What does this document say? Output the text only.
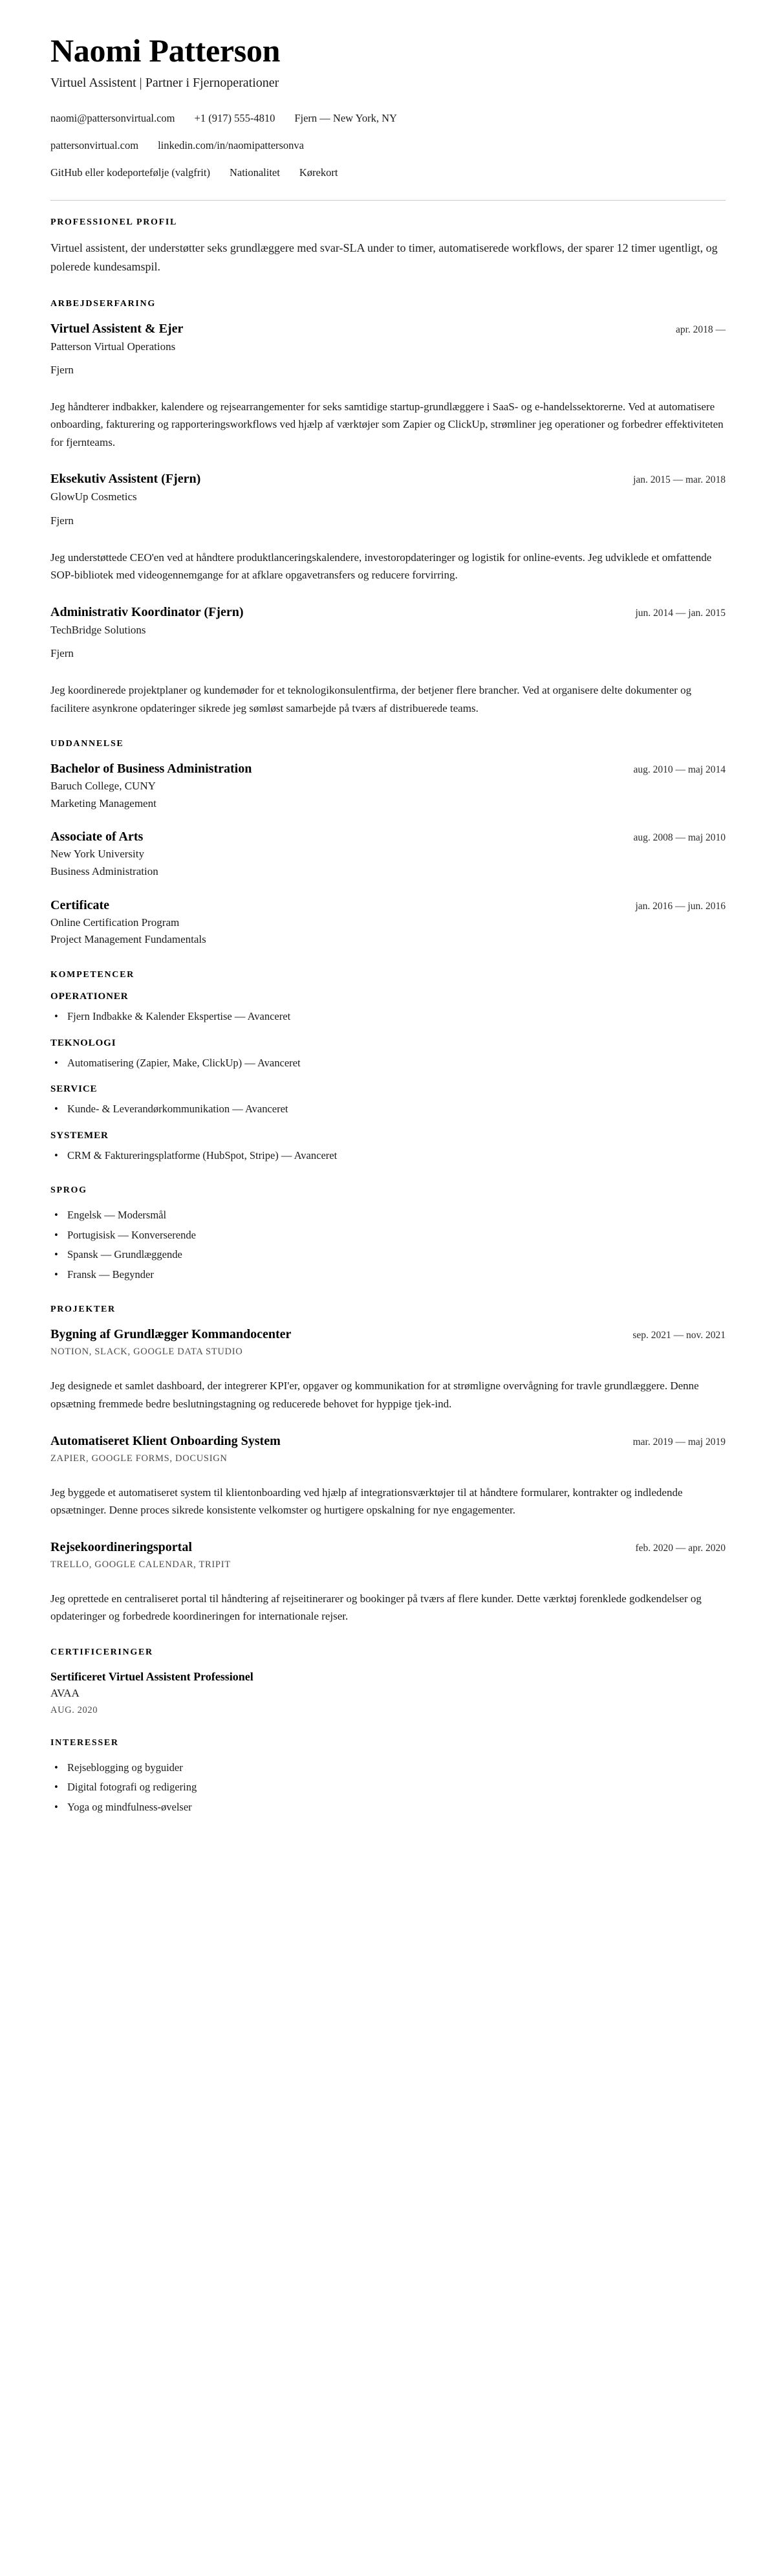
Naomi Patterson
Virtuel Assistent | Partner i Fjernoperationer
naomi@pattersonvirtual.com +1 (917) 555-4810 Fjern — New York, NY
pattersonvirtual.com linkedin.com/in/naomipattersonva
GitHub eller kodeportefølje (valgfrit) Nationalitet Kørekort
PROFESSIONEL PROFIL

Virtuel assistent, der understøtter seks grundlæggere med svar-SLA under to timer, automatiserede workflows, der sparer 12 timer ugentligt, og polerede kundesamspil.

ARBEJDSERFARING
Virtuel Assistent & Ejer	apr. 2018 —
Patterson Virtual Operations
Fjern
Jeg håndterer indbakker, kalendere og rejsearrangementer for seks samtidige startup-grundlæggere i SaaS- og e-handelssektorerne. Ved at automatisere onboarding, fakturering og rapporteringsworkflows ved hjælp af værktøjer som Zapier og ClickUp, strømliner jeg operationer og forbedrer effektiviteten for fjernteams.
Eksekutiv Assistent (Fjern)	jan. 2015 — mar. 2018
GlowUp Cosmetics
Fjern
Jeg understøttede CEO'en ved at håndtere produktlanceringskalendere, investoropdateringer og logistik for online-events. Jeg udviklede et omfattende SOP-bibliotek med videogennemgange for at afklare opgavetransfers og reducere forvirring.
Administrativ Koordinator (Fjern)	jun. 2014 — jan. 2015
TechBridge Solutions
Fjern
Jeg koordinerede projektplaner og kundemøder for et teknologikonsulentfirma, der betjener flere brancher. Ved at organisere delte dokumenter og facilitere asynkrone opdateringer sikrede jeg sømløst samarbejde på tværs af distribuerede teams.
UDDANNELSE
Bachelor of Business Administration	aug. 2010 — maj 2014
Baruch College, CUNY
Marketing Management
Associate of Arts	aug. 2008 — maj 2010
New York University
Business Administration
Certificate	jan. 2016 — jun. 2016
Online Certification Program
Project Management Fundamentals
KOMPETENCER
OPERATIONER
• Fjern Indbakke & Kalender Ekspertise — Avanceret
TEKNOLOGI
• Automatisering (Zapier, Make, ClickUp) — Avanceret
SERVICE
• Kunde- & Leverandørkommunikation — Avanceret
SYSTEMER
• CRM & Faktureringsplatforme (HubSpot, Stripe) — Avanceret
SPROG
• Engelsk — Modersmål
• Portugisisk — Konverserende
• Spansk — Grundlæggende
• Fransk — Begynder
PROJEKTER
Bygning af Grundlægger Kommandocenter	sep. 2021 — nov. 2021
NOTION, SLACK, GOOGLE DATA STUDIO
Jeg designede et samlet dashboard, der integrerer KPI'er, opgaver og kommunikation for at strømligne overvågning for travle grundlæggere. Denne opsætning fremmede bedre beslutningstagning og reducerede behovet for hyppige tjek-ind.
Automatiseret Klient Onboarding System	mar. 2019 — maj 2019
ZAPIER, GOOGLE FORMS, DOCUSIGN
Jeg byggede et automatiseret system til klientonboarding ved hjælp af integrationsværktøjer til at håndtere formularer, kontrakter og indledende opsætninger. Denne proces sikrede konsistente velkomster og hurtigere opskalning for nye engagementer.
Rejsekoordineringsportal	feb. 2020 — apr. 2020
TRELLO, GOOGLE CALENDAR, TRIPIT
Jeg oprettede en centraliseret portal til håndtering af rejseitinerarer og bookinger på tværs af flere kunder. Dette værktøj forenklede godkendelser og opdateringer og forbedrede koordineringen for internationale rejser.
CERTIFICERINGER
Sertificeret Virtuel Assistent Professionel
AVAA
AUG. 2020
INTERESSER
• Rejseblogging og byguider
• Digital fotografi og redigering
• Yoga og mindfulness-øvelser
